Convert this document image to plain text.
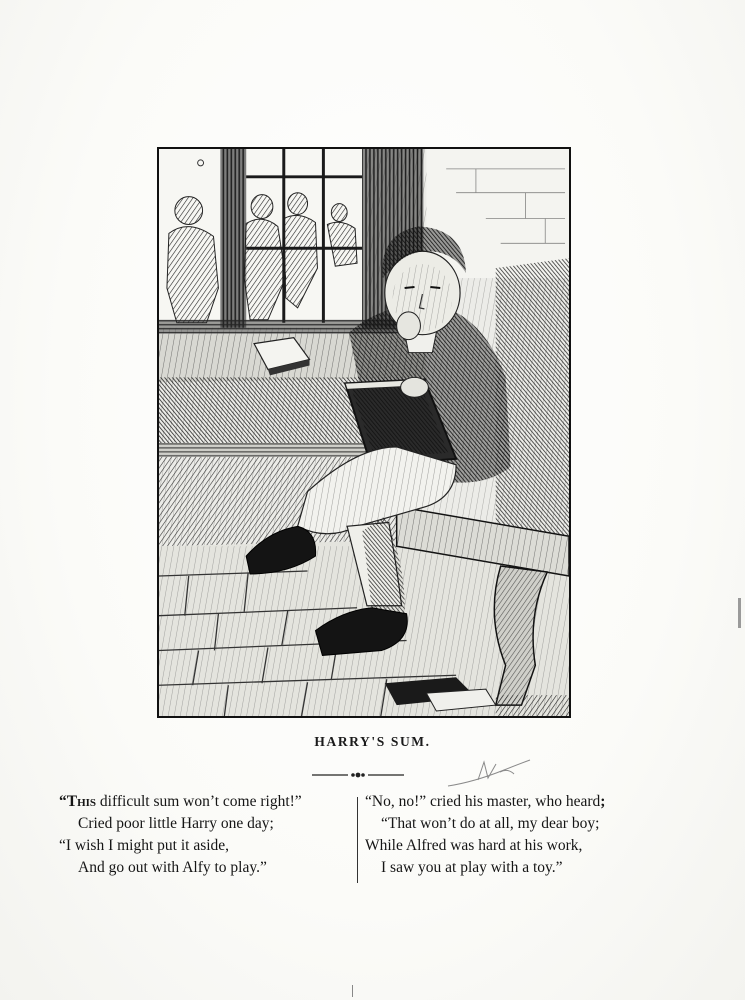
HARRY'S SUM.
“This difficult sum won’t come right!”
Cried poor little Harry one day;
“I wish I might put it aside,
And go out with Alfy to play.”
“No, no!” cried his master, who heard;
“That won’t do at all, my dear boy;
While Alfred was hard at his work,
I saw you at play with a toy.”
